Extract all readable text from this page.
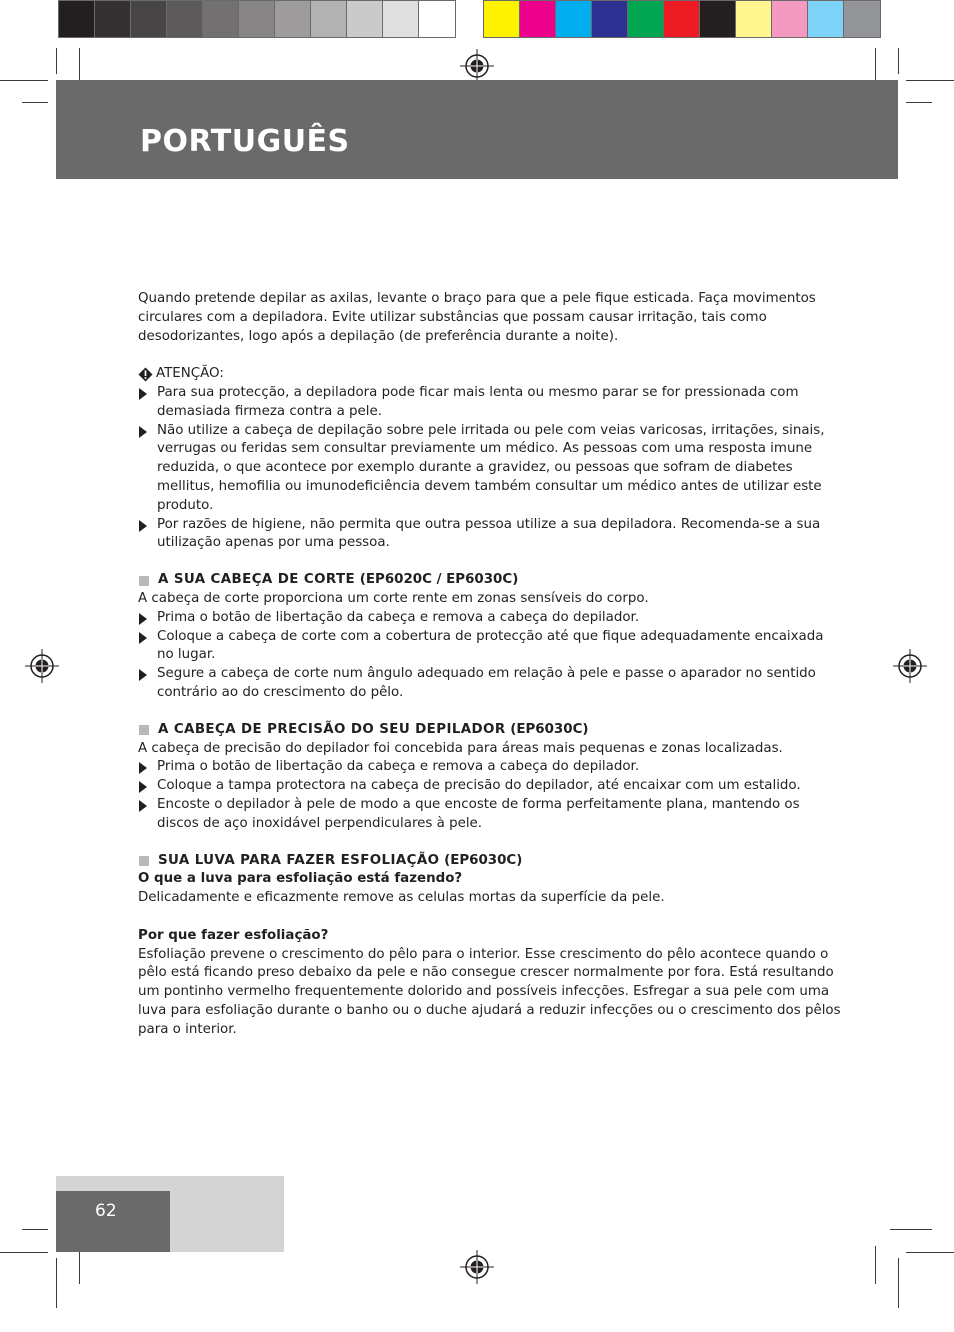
PORTUGUÊS

Quando pretende depilar as axilas, levante o braço para que a pele fique esticada. Faça movimentos circulares com a depiladora. Evite utilizar substâncias que possam causar irritação, tais como desodorizantes, logo após a depilação (de preferência durante a noite).

ATENÇÃO:
Para sua protecção, a depiladora pode ficar mais lenta ou mesmo parar se for pressionada com demasiada firmeza contra a pele.
Não utilize a cabeça de depilação sobre pele irritada ou pele com veias varicosas, irritações, sinais, verrugas ou feridas sem consultar previamente um médico. As pessoas com uma resposta imune reduzida, o que acontece por exemplo durante a gravidez, ou pessoas que sofram de diabetes mellitus, hemofilia ou imunodeficiência devem também consultar um médico antes de utilizar este produto.
Por razões de higiene, não permita que outra pessoa utilize a sua depiladora. Recomenda-se a sua utilização apenas por uma pessoa.
A SUA CABEÇA DE CORTE
(EP6020C / EP6030C)

A cabeça de corte proporciona um corte rente em zonas sensíveis do corpo.

Prima o botão de libertação da cabeça e remova a cabeça do depilador.
Coloque a cabeça de corte com a cobertura de protecção até que fique adequadamente encaixada no lugar.
Segure a cabeça de corte num ângulo adequado em relação à pele e passe o aparador no sentido contrário ao do crescimento do pêlo.
A CABEÇA DE PRECISÃO DO SEU DEPILADOR
(EP6030C)

A cabeça de precisão do depilador foi concebida para áreas mais pequenas e zonas localizadas.

Prima o botão de libertação da cabeça e remova a cabeça do depilador.
Coloque a tampa protectora na cabeça de precisão do depilador, até encaixar com um estalido.
Encoste o depilador à pele de modo a que encoste de forma perfeitamente plana, mantendo os discos de aço inoxidável perpendiculares à pele.
SUA LUVA PARA FAZER ESFOLIAÇÃO
(EP6030C)

O que a luva para esfoliação está fazendo?

Delicadamente e eficazmente remove as celulas mortas da superfície da pele.

Por que fazer esfoliação?

Esfoliação prevene o crescimento do pêlo para o interior. Esse crescimento do pêlo acontece quando o pêlo está ficando preso debaixo da pele e não consegue crescer normalmente por fora. Está resultando um pontinho vermelho frequentemente dolorido and possíveis infecções. Esfregar a sua pele com uma luva para esfoliação durante o banho ou o duche ajudará a reduzir infecções ou o crescimento dos pêlos para o interior.

62
